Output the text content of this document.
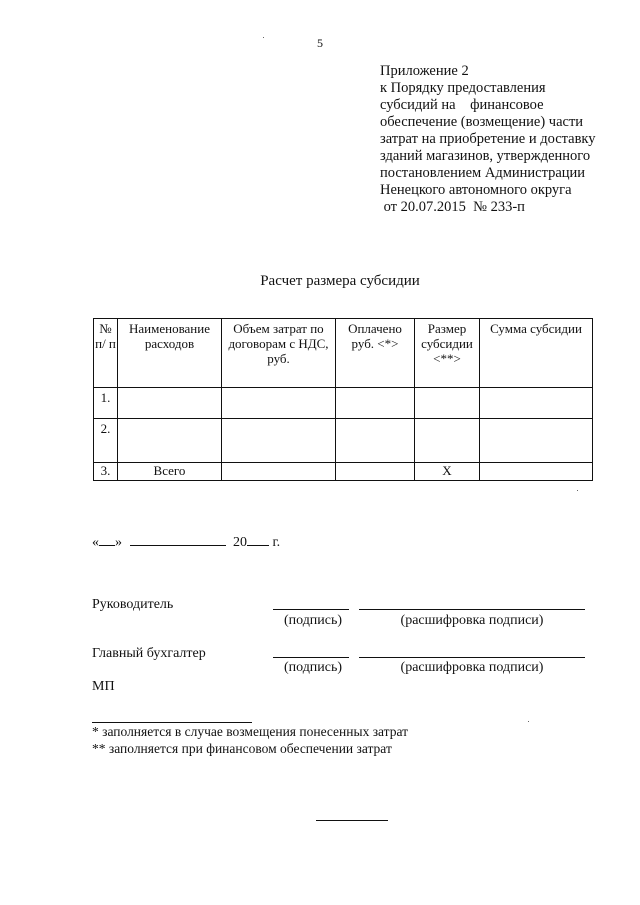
5
Приложение 2
к Порядку предоставления
субсидий на    финансовое
обеспечение (возмещение) части
затрат на приобретение и доставку
зданий магазинов, утвержденного
постановлением Администрации
Ненецкого автономного округа
от 20.07.2015  № 233-п
Расчет размера субсидии
№ п/ п	Наименование расходов	Объем затрат по договорам с НДС, руб.	Оплачено руб. <*>	Размер субсидии <**>	Сумма субсидии
1.					
2.					
3.	Всего			Х	
« »	20 г.
Руководитель
(подпись)	(расшифровка подписи)
Главный бухгалтер
(подпись)	(расшифровка подписи)
МП
* заполняется в случае возмещения понесенных затрат
** заполняется при финансовом обеспечении затрат
